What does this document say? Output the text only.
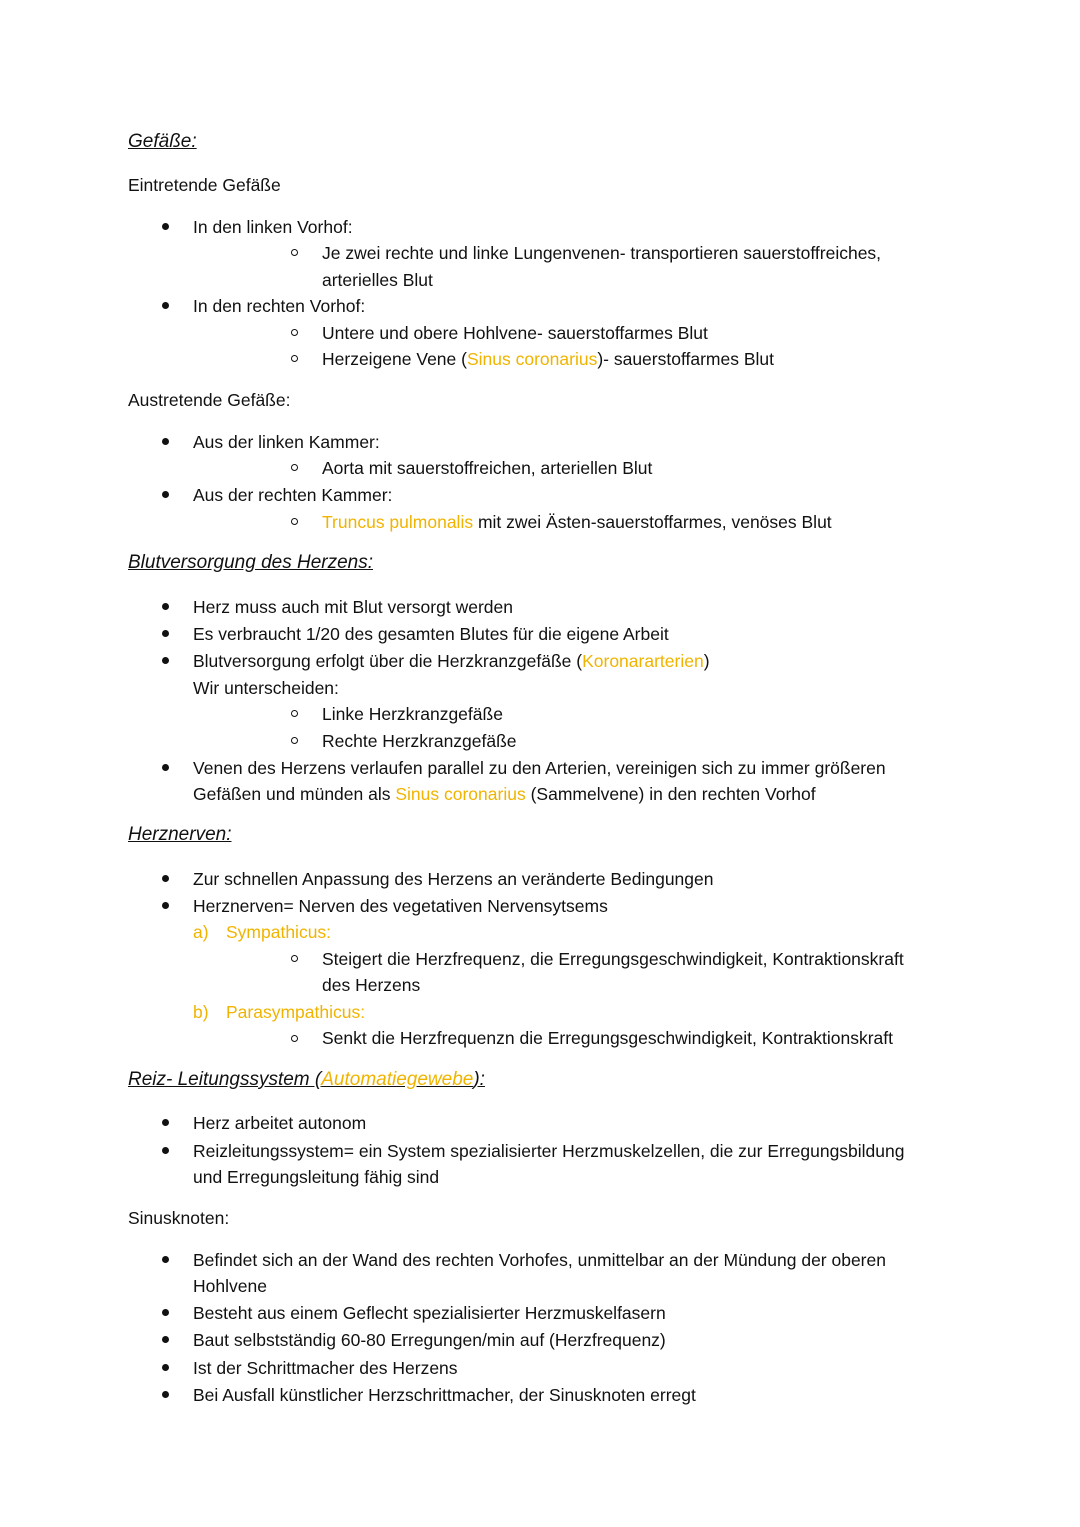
Gefäße:
Eintretende Gefäße
In den linken Vorhof:
Je zwei rechte und linke Lungenvenen- transportieren sauerstoffreiches,
arterielles Blut
In den rechten Vorhof:
Untere und obere Hohlvene- sauerstoffarmes Blut
Herzeigene Vene (Sinus coronarius)- sauerstoffarmes Blut
Austretende Gefäße:
Aus der linken Kammer:
Aorta mit sauerstoffreichen, arteriellen Blut
Aus der rechten Kammer:
Truncus pulmonalis mit zwei Ästen-sauerstoffarmes, venöses Blut
Blutversorgung des Herzens:
Herz muss auch mit Blut versorgt werden
Es verbraucht 1/20 des gesamten Blutes für die eigene Arbeit
Blutversorgung erfolgt über die Herzkranzgefäße (Koronararterien)
Wir unterscheiden:
Linke Herzkranzgefäße
Rechte Herzkranzgefäße
Venen des Herzens verlaufen parallel zu den Arterien, vereinigen sich zu immer größeren
Gefäßen und münden als Sinus coronarius (Sammelvene) in den rechten Vorhof
Herznerven:
Zur schnellen Anpassung des Herzens an veränderte Bedingungen
Herznerven= Nerven des vegetativen Nervensytsems
a) Sympathicus:
Steigert die Herzfrequenz, die Erregungsgeschwindigkeit, Kontraktionskraft
des Herzens
b) Parasympathicus:
Senkt die Herzfrequenzn die Erregungsgeschwindigkeit, Kontraktionskraft
Reiz- Leitungssystem (Automatiegewebe):
Herz arbeitet autonom
Reizleitungssystem= ein System spezialisierter Herzmuskelzellen, die zur Erregungsbildung
und Erregungsleitung fähig sind
Sinusknoten:
Befindet sich an der Wand des rechten Vorhofes, unmittelbar an der Mündung der oberen
Hohlvene
Besteht aus einem Geflecht spezialisierter Herzmuskelfasern
Baut selbstständig 60-80 Erregungen/min auf (Herzfrequenz)
Ist der Schrittmacher des Herzens
Bei Ausfall künstlicher Herzschrittmacher, der Sinusknoten erregt
